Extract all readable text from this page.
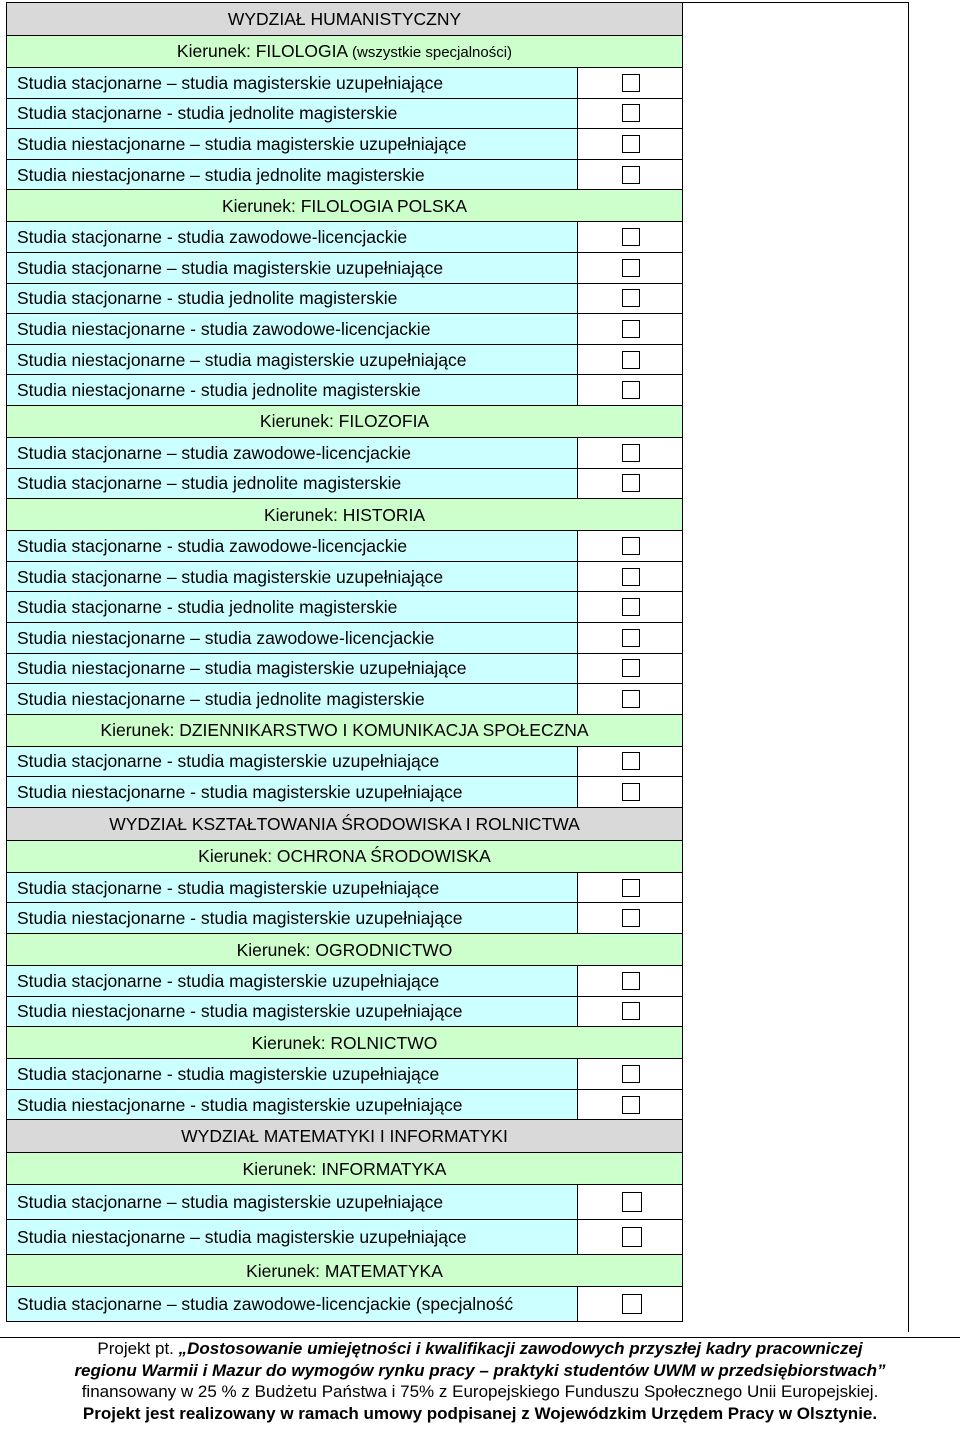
WYDZIAŁ HUMANISTYCZNY	
Kierunek: FILOLOGIA (wszystkie specjalności)	
Studia stacjonarne – studia magisterskie uzupełniające	

Studia stacjonarne - studia jednolite magisterskie	

Studia niestacjonarne – studia magisterskie uzupełniające	

Studia niestacjonarne – studia jednolite magisterskie	

Kierunek: FILOLOGIA POLSKA	
Studia stacjonarne - studia zawodowe-licencjackie	

Studia stacjonarne – studia magisterskie uzupełniające	

Studia stacjonarne - studia jednolite magisterskie	

Studia niestacjonarne - studia zawodowe-licencjackie	

Studia niestacjonarne – studia magisterskie uzupełniające	

Studia niestacjonarne - studia jednolite magisterskie	

Kierunek: FILOZOFIA	
Studia stacjonarne – studia zawodowe-licencjackie	

Studia stacjonarne – studia jednolite magisterskie	

Kierunek: HISTORIA	
Studia stacjonarne - studia zawodowe-licencjackie	

Studia stacjonarne – studia magisterskie uzupełniające	

Studia stacjonarne - studia jednolite magisterskie	

Studia niestacjonarne – studia zawodowe-licencjackie	

Studia niestacjonarne – studia magisterskie uzupełniające	

Studia niestacjonarne – studia jednolite magisterskie	

Kierunek: DZIENNIKARSTWO I KOMUNIKACJA SPOŁECZNA	
Studia stacjonarne - studia magisterskie uzupełniające	

Studia niestacjonarne - studia magisterskie uzupełniające	

WYDZIAŁ KSZTAŁTOWANIA ŚRODOWISKA I ROLNICTWA	
Kierunek: OCHRONA ŚRODOWISKA	
Studia stacjonarne - studia magisterskie uzupełniające	

Studia niestacjonarne - studia magisterskie uzupełniające	

Kierunek: OGRODNICTWO	
Studia stacjonarne - studia magisterskie uzupełniające	

Studia niestacjonarne - studia magisterskie uzupełniające	

Kierunek: ROLNICTWO	
Studia stacjonarne - studia magisterskie uzupełniające	

Studia niestacjonarne - studia magisterskie uzupełniające	

WYDZIAŁ MATEMATYKI I INFORMATYKI	
Kierunek: INFORMATYKA	
Studia stacjonarne – studia magisterskie uzupełniające	

Studia niestacjonarne – studia magisterskie uzupełniające	

Kierunek: MATEMATYKA	
Studia stacjonarne – studia zawodowe-licencjackie (specjalność	
Projekt pt. „Dostosowanie umiejętności i kwalifikacji zawodowych przyszłej kadry pracowniczej
regionu Warmii i Mazur do wymogów rynku pracy – praktyki studentów UWM w przedsiębiorstwach”
finansowany w 25 % z Budżetu Państwa i 75% z Europejskiego Funduszu Społecznego Unii Europejskiej.
Projekt jest realizowany w ramach umowy podpisanej z Wojewódzkim Urzędem Pracy w Olsztyniе.
